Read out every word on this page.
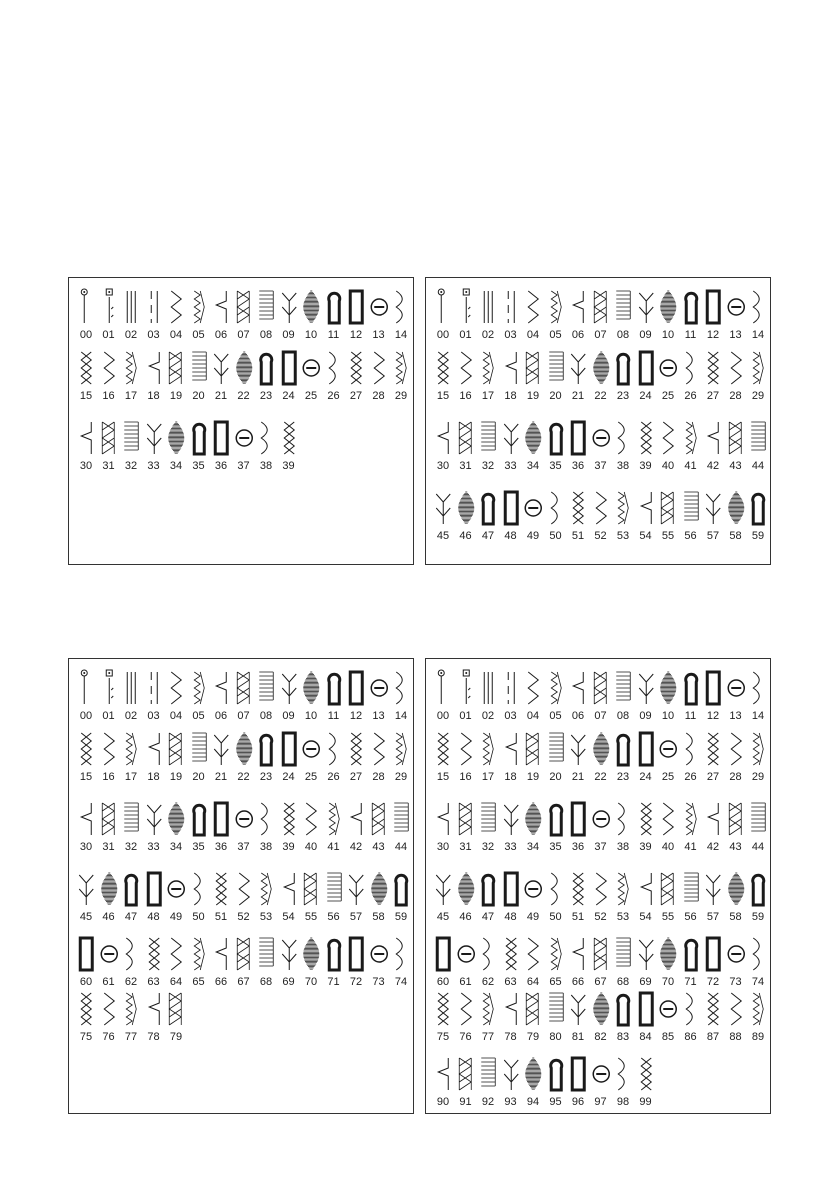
00 01 02 03 04 05 06 07 08 09 10 11 12 13 14
15 16 17 18 19 20 21 22 23 24 25 26 27 28 29
30 31 32 33 34 35 36 37 38 39
00 01 02 03 04 05 06 07 08 09 10 11 12 13 14
15 16 17 18 19 20 21 22 23 24 25 26 27 28 29
30 31 32 33 34 35 36 37 38 39 40 41 42 43 44
45 46 47 48 49 50 51 52 53 54 55 56 57 58 59
00 01 02 03 04 05 06 07 08 09 10 11 12 13 14
15 16 17 18 19 20 21 22 23 24 25 26 27 28 29
30 31 32 33 34 35 36 37 38 39 40 41 42 43 44
45 46 47 48 49 50 51 52 53 54 55 56 57 58 59
60 61 62 63 64 65 66 67 68 69 70 71 72 73 74
75 76 77 78 79
00 01 02 03 04 05 06 07 08 09 10 11 12 13 14
15 16 17 18 19 20 21 22 23 24 25 26 27 28 29
30 31 32 33 34 35 36 37 38 39 40 41 42 43 44
45 46 47 48 49 50 51 52 53 54 55 56 57 58 59
60 61 62 63 64 65 66 67 68 69 70 71 72 73 74
75 76 77 78 79 80 81 82 83 84 85 86 87 88 89
90 91 92 93 94 95 96 97 98 99
